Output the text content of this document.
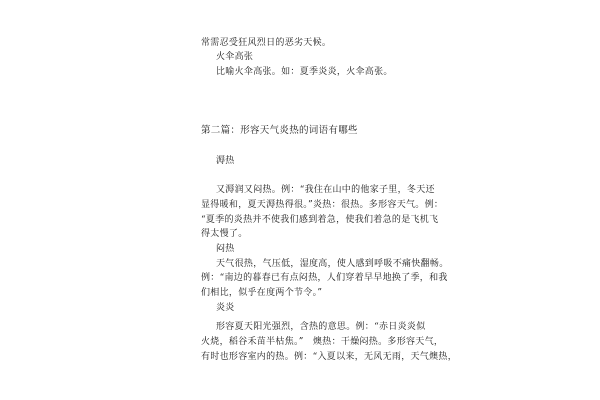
常需忍受狂风烈日的恶劣天候。
火伞高张
比喻火伞高张。如：夏季炎炎，火伞高张。
第二篇：形容天气炎热的词语有哪些
溽热
又溽润又闷热。例：“我住在山中的他家子里，冬天还
显得暖和，夏天溽热得很。”炎热：很热。多形容天气。例：
“夏季的炎热并不使我们感到着急，使我们着急的是飞机飞
得太慢了。
闷热
天气很热，气压低，湿度高，使人感到呼吸不痛快翻畅。
例：“南边的暮春已有点闷热，人们穿着早早地换了季，和我
们相比，似乎在度两个节令。”
炎炎
形容夏天阳光强烈，含热的意思。例：“赤日炎炎似
火烧，稻谷禾苗半枯焦。”　燠热：干燥闷热。多形容天气，
有时也形容室内的热。例：“入夏以来，无风无雨，天气燠热，
